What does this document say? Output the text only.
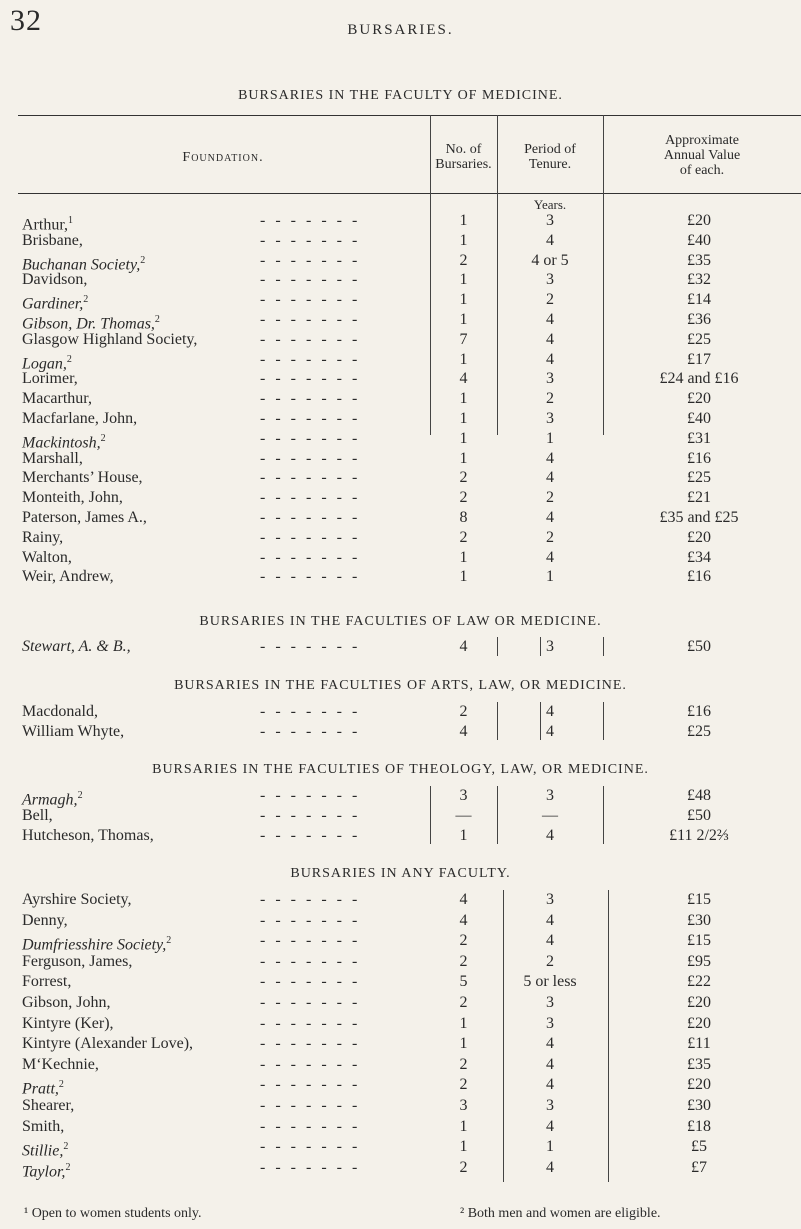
32	BURSARIES.
BURSARIES IN THE FACULTY OF MEDICINE.
Foundation.
No. of
Bursaries.
Period of
Tenure.
Approximate
Annual Value
of each.
Years.
Arthur,$^1$	- - - - - - -	1	3	£20
Brisbane,	- - - - - - -	1	4	£40
Buchanan Society,$^2$	- - - - - - -	2	4 or 5	£35
Davidson,	- - - - - - -	1	3	£32
Gardiner,$^2$	- - - - - - -	1	2	£14
Gibson, Dr. Thomas,$^2$	- - - - - - -	1	4	£36
Glasgow Highland Society,	- - - - - - -	7	4	£25
Logan,$^2$	- - - - - - -	1	4	£17
Lorimer,	- - - - - - -	4	3	£24 and £16
Macarthur,	- - - - - - -	1	2	£20
Macfarlane, John,	- - - - - - -	1	3	£40
Mackintosh,$^2$	- - - - - - -	1	1	£31
Marshall,	- - - - - - -	1	4	£16
Merchants’ House,	- - - - - - -	2	4	£25
Monteith, John,	- - - - - - -	2	2	£21
Paterson, James A.,	- - - - - - -	8	4	£35 and £25
Rainy,	- - - - - - -	2	2	£20
Walton,	- - - - - - -	1	4	£34
Weir, Andrew,	- - - - - - -	1	1	£16
BURSARIES IN THE FACULTIES OF LAW OR MEDICINE.
Stewart, A. & B.,	- - - - - - -	4	3	£50
BURSARIES IN THE FACULTIES OF ARTS, LAW, OR MEDICINE.
Macdonald,	- - - - - - -	2	4	£16
William Whyte,	- - - - - - -	4	4	£25
BURSARIES IN THE FACULTIES OF THEOLOGY, LAW, OR MEDICINE.
Armagh,$^2$	- - - - - - -	3	3	£48
Bell,	- - - - - - -	—	—	£50
Hutcheson, Thomas,	- - - - - - -	1	4	£11 2/2⅔
BURSARIES IN ANY FACULTY.
Ayrshire Society,	- - - - - - -	4	3	£15
Denny,	- - - - - - -	4	4	£30
Dumfriesshire Society,$^2$	- - - - - - -	2	4	£15
Ferguson, James,	- - - - - - -	2	2	£95
Forrest,	- - - - - - -	5	5 or less	£22
Gibson, John,	- - - - - - -	2	3	£20
Kintyre (Ker),	- - - - - - -	1	3	£20
Kintyre (Alexander Love),	- - - - - - -	1	4	£11
M‘Kechnie,	- - - - - - -	2	4	£35
Pratt,$^2$	- - - - - - -	2	4	£20
Shearer,	- - - - - - -	3	3	£30
Smith,	- - - - - - -	1	4	£18
Stillie,$^2$	- - - - - - -	1	1	£5
Taylor,$^2$	- - - - - - -	2	4	£7
¹ Open to women students only.	² Both men and women are eligible.
